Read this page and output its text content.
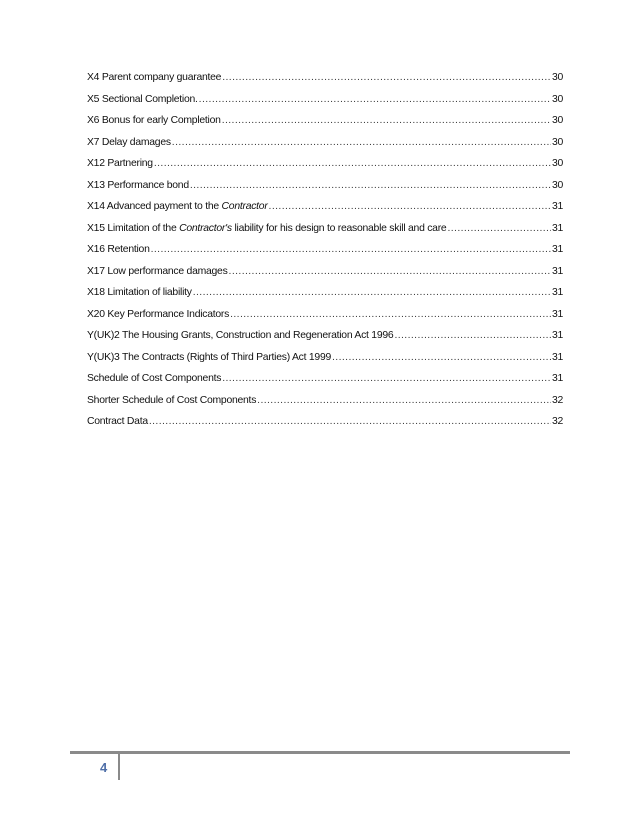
X4 Parent company guarantee .....	30
X5 Sectional Completion. .....	30
X6 Bonus for early Completion .....	30
X7 Delay damages .....	30
X12 Partnering .....	30
X13 Performance bond .....	30
X14 Advanced payment to the Contractor .....	31
X15 Limitation of the Contractor's liability for his design to reasonable skill and care .....	31
X16 Retention .....	31
X17 Low performance damages .....	31
X18 Limitation of liability .....	31
X20 Key Performance Indicators .....	31
Y(UK)2 The Housing Grants, Construction and Regeneration Act 1996 .....	31
Y(UK)3 The Contracts (Rights of Third Parties) Act 1999 .....	31
Schedule of Cost Components .....	31
Shorter Schedule of Cost Components .....	32
Contract Data .....	32
4
